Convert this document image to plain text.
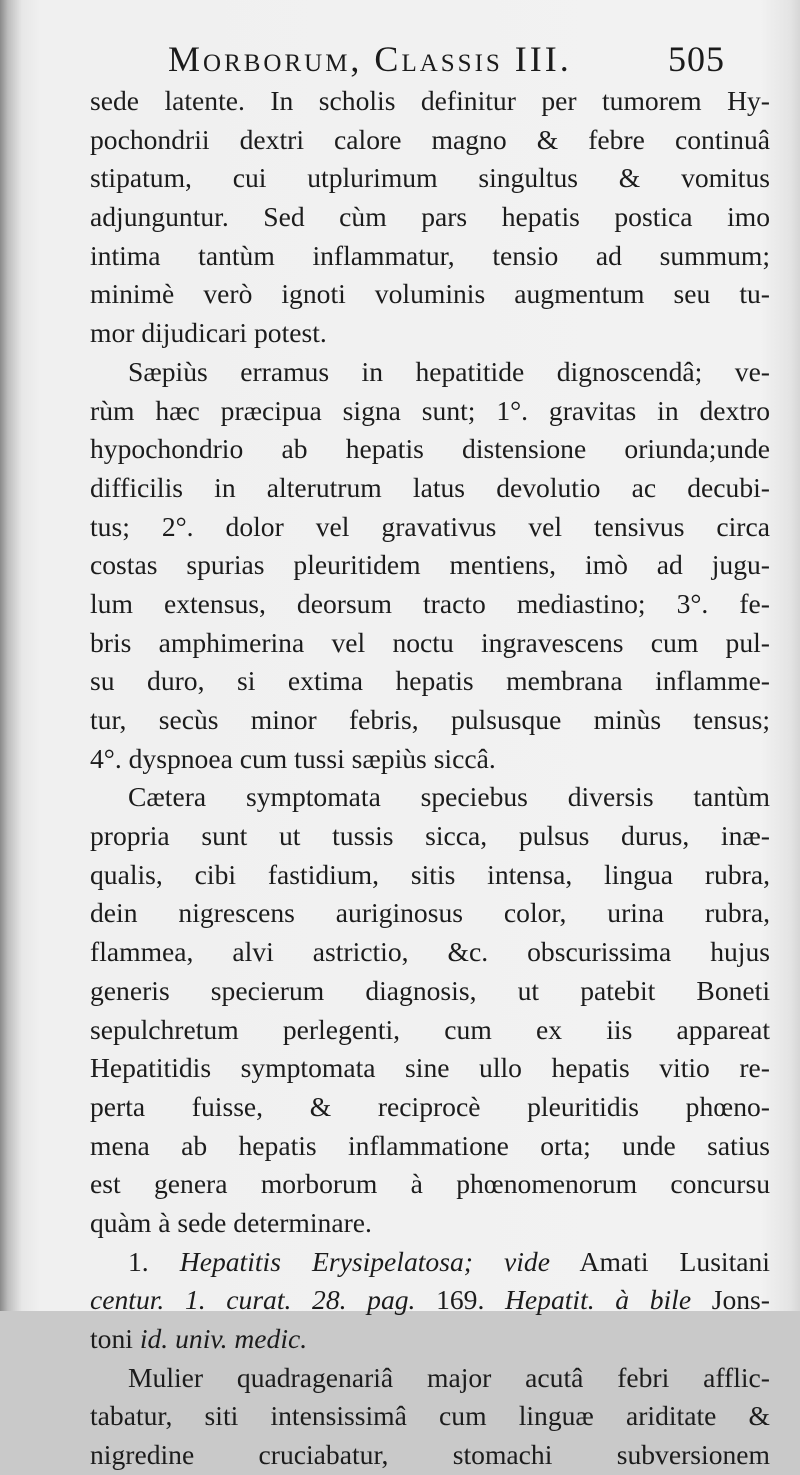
Morborum, Classis III.	505
sede latente. In scholis definitur per tumorem Hy-
pochondrii dextri calore magno & febre continuâ
stipatum, cui utplurimum singultus & vomitus
adjunguntur. Sed cùm pars hepatis postica imo
intima tantùm inflammatur, tensio ad summum;
minimè verò ignoti voluminis augmentum seu tu-
mor dijudicari potest.
Sæpiùs erramus in hepatitide dignoscendâ; ve-
rùm hæc præcipua signa sunt; 1°. gravitas in dextro
hypochondrio ab hepatis distensione oriunda;unde
difficilis in alterutrum latus devolutio ac decubi-
tus; 2°. dolor vel gravativus vel tensivus circa
costas spurias pleuritidem mentiens, imò ad jugu-
lum extensus, deorsum tracto mediastino; 3°. fe-
bris amphimerina vel noctu ingravescens cum pul-
su duro, si extima hepatis membrana inflamme-
tur, secùs minor febris, pulsusque minùs tensus;
4°. dyspnoea cum tussi sæpiùs siccâ.
Cætera symptomata speciebus diversis tantùm
propria sunt ut tussis sicca, pulsus durus, inæ-
qualis, cibi fastidium, sitis intensa, lingua rubra,
dein nigrescens auriginosus color, urina rubra,
flammea, alvi astrictio, &c. obscurissima hujus
generis specierum diagnosis, ut patebit Boneti
sepulchretum perlegenti, cum ex iis appareat
Hepatitidis symptomata sine ullo hepatis vitio re-
perta fuisse, & reciprocè pleuritidis phœno-
mena ab hepatis inflammatione orta; unde satius
est genera morborum à phœnomenorum concursu
quàm à sede determinare.
1. Hepatitis Erysipelatosa; vide Amati Lusitani
centur. 1. curat. 28. pag. 169. Hepatit. à bile Jons-
toni id. univ. medic.
Mulier quadragenariâ major acutâ febri afflic-
tabatur, siti intensissimâ cum linguæ ariditate &
nigredine cruciabatur, stomachi subversionem
